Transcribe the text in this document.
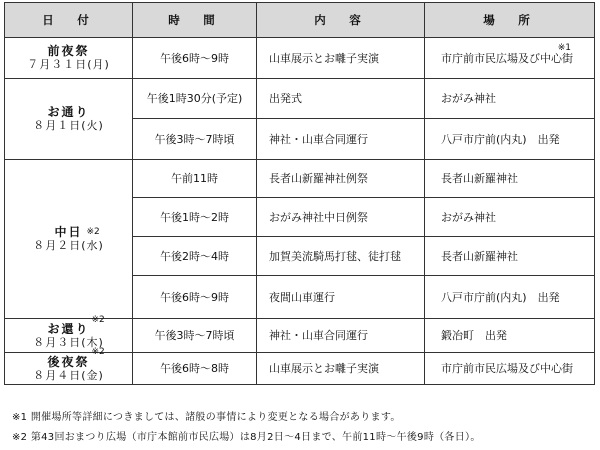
日　付	時　間	内　容	場　所

前夜祭
７月３１日(月)	午後6時～9時	山車展示とお囃子実演	市庁前市民広場及び中心街
※1

お通り
８月１日(火)	午後1時30分(予定)	出発式	おがみ神社
	午後3時～7時頃	神社・山車合同運行	八戸市庁前(内丸)　出発

中日 ※2
８月２日(水)	午前11時	長者山新羅神社例祭	長者山新羅神社
	午後1時～2時	おがみ神社中日例祭	おがみ神社
	午後2時～4時	加賀美流騎馬打毬、徒打毬	長者山新羅神社
	午後6時～9時	夜間山車運行	八戸市庁前(内丸)　出発

お還り
※2
８月３日(木)	午後3時～7時頃	神社・山車合同運行	鍛冶町　出発

後夜祭
※2
８月４日(金)	午後6時～8時	山車展示とお囃子実演	市庁前市民広場及び中心街
※1 開催場所等詳細につきましては、諸般の事情により変更となる場合があります。
※2 第43回おまつり広場（市庁本館前市民広場）は8月2日～4日まで、午前11時～午後9時（各日）。
